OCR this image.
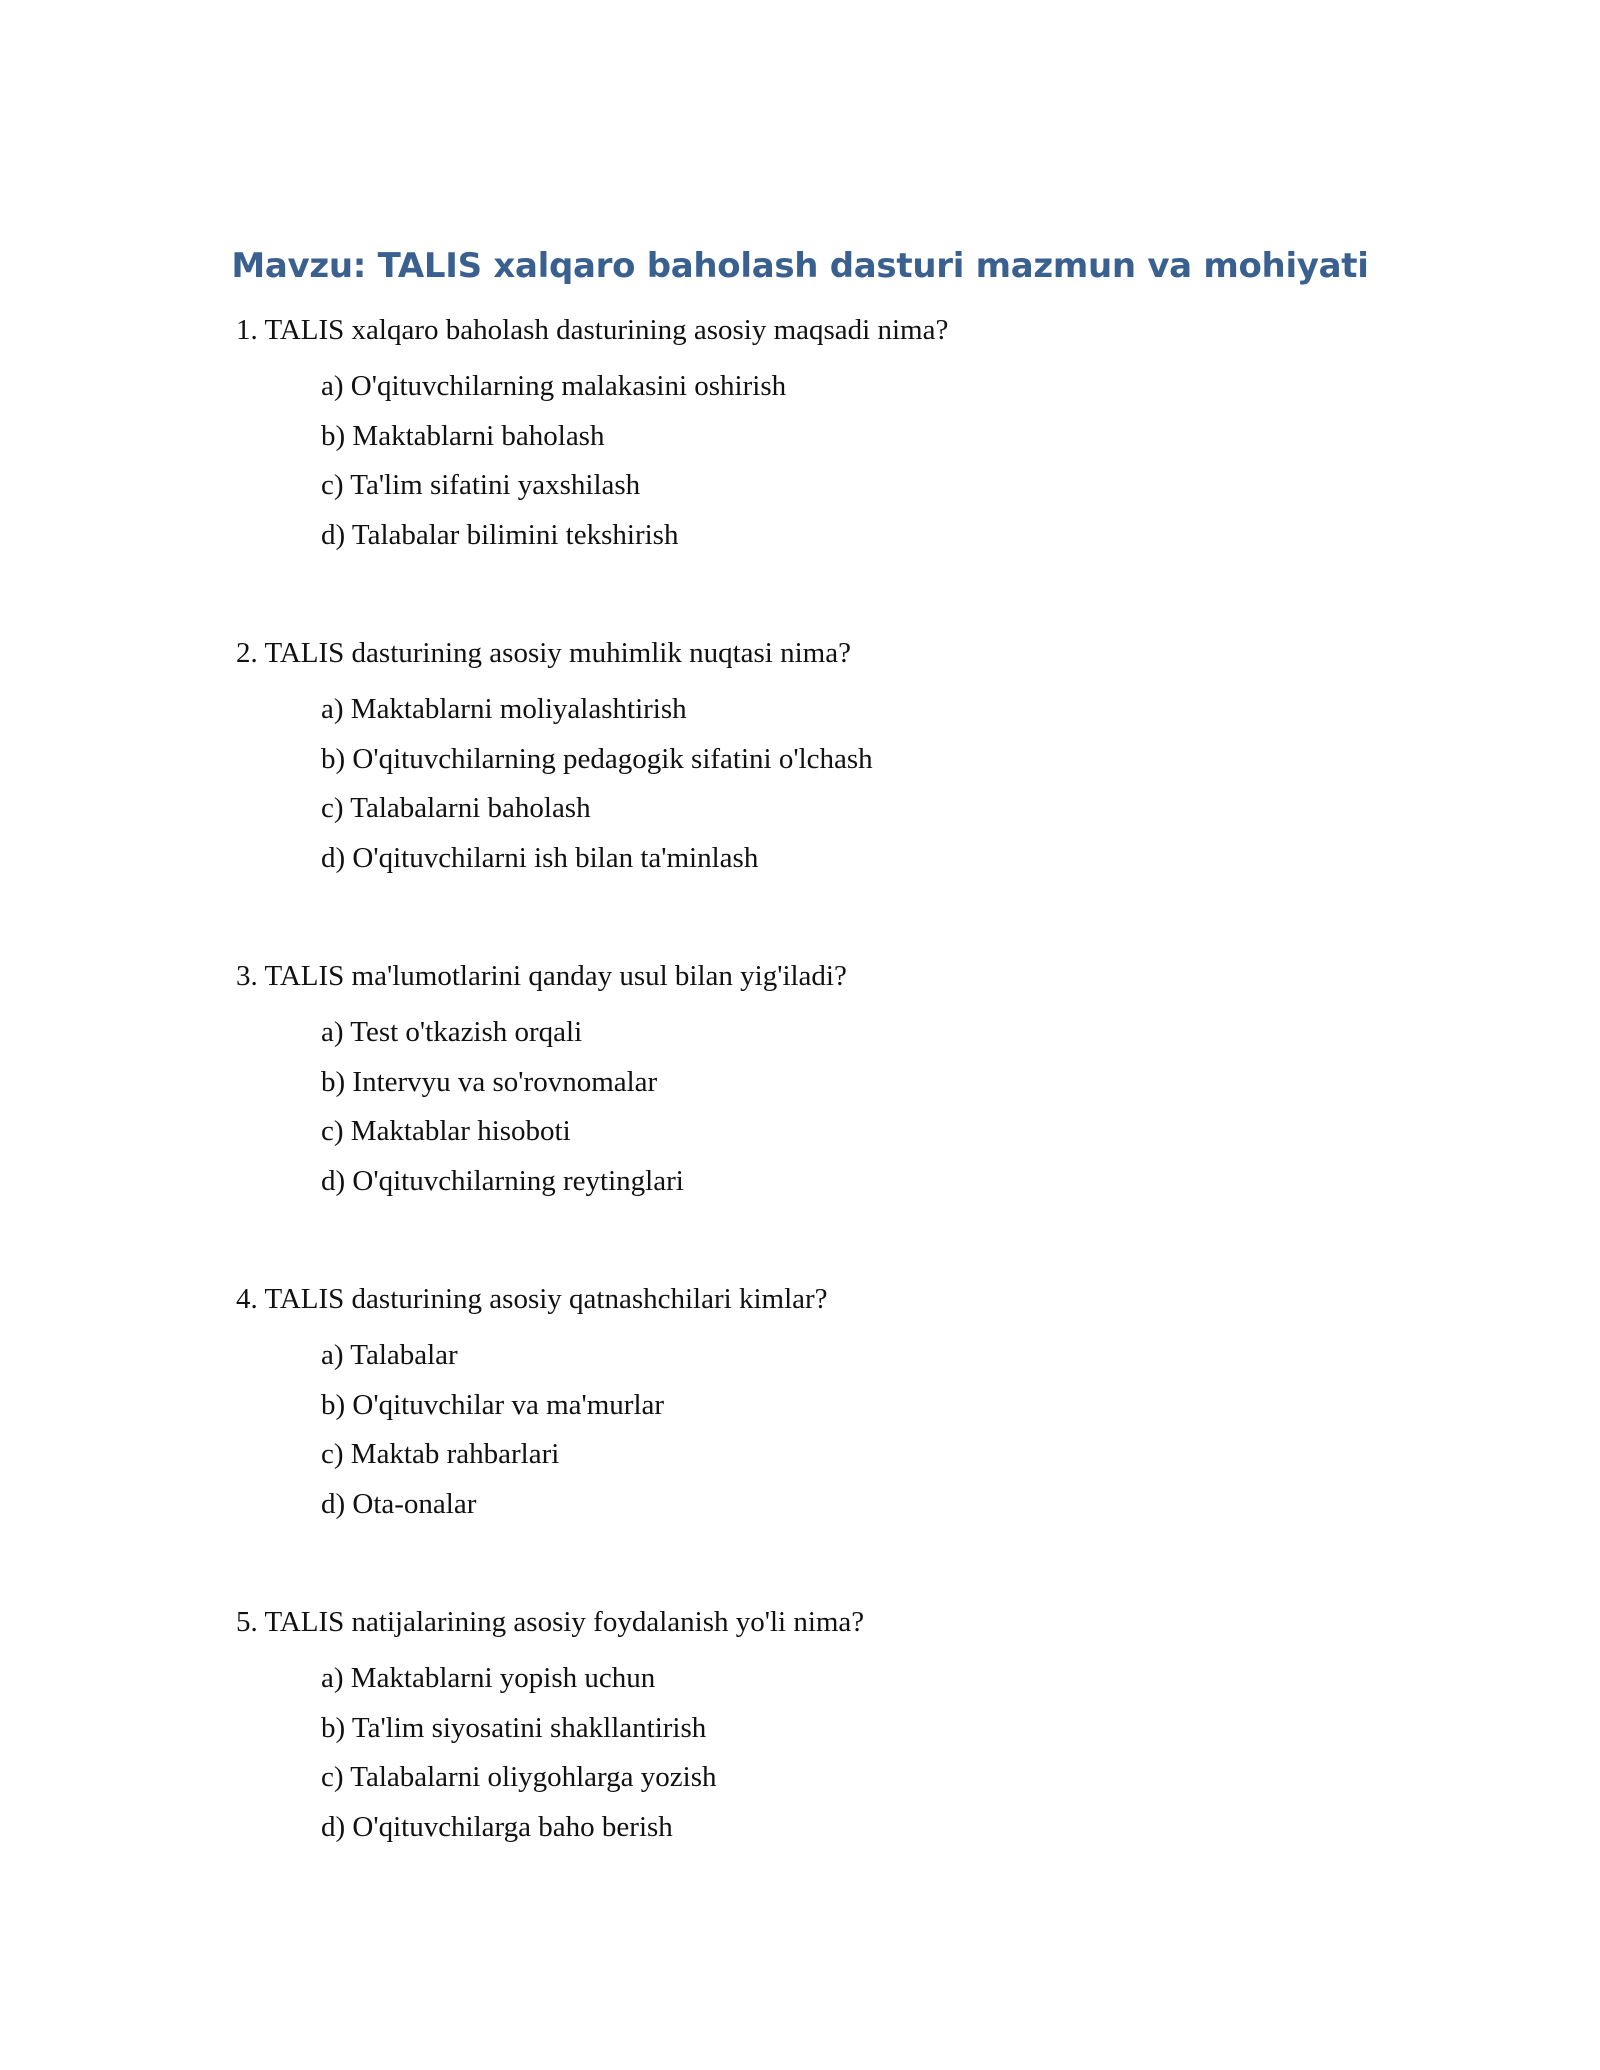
Mavzu: TALIS xalqaro baholash dasturi mazmun va mohiyati

1. TALIS xalqaro baholash dasturining asosiy maqsadi nima?

a) O'qituvchilarning malakasini oshirish
b) Maktablarni baholash
c) Ta'lim sifatini yaxshilash
d) Talabalar bilimini tekshirish

2. TALIS dasturining asosiy muhimlik nuqtasi nima?

a) Maktablarni moliyalashtirish
b) O'qituvchilarning pedagogik sifatini o'lchash
c) Talabalarni baholash
d) O'qituvchilarni ish bilan ta'minlash

3. TALIS ma'lumotlarini qanday usul bilan yig'iladi?

a) Test o'tkazish orqali
b) Intervyu va so'rovnomalar
c) Maktablar hisoboti
d) O'qituvchilarning reytinglari

4. TALIS dasturining asosiy qatnashchilari kimlar?

a) Talabalar
b) O'qituvchilar va ma'murlar
c) Maktab rahbarlari
d) Ota-onalar

5. TALIS natijalarining asosiy foydalanish yo'li nima?

a) Maktablarni yopish uchun
b) Ta'lim siyosatini shakllantirish
c) Talabalarni oliygohlarga yozish
d) O'qituvchilarga baho berish
